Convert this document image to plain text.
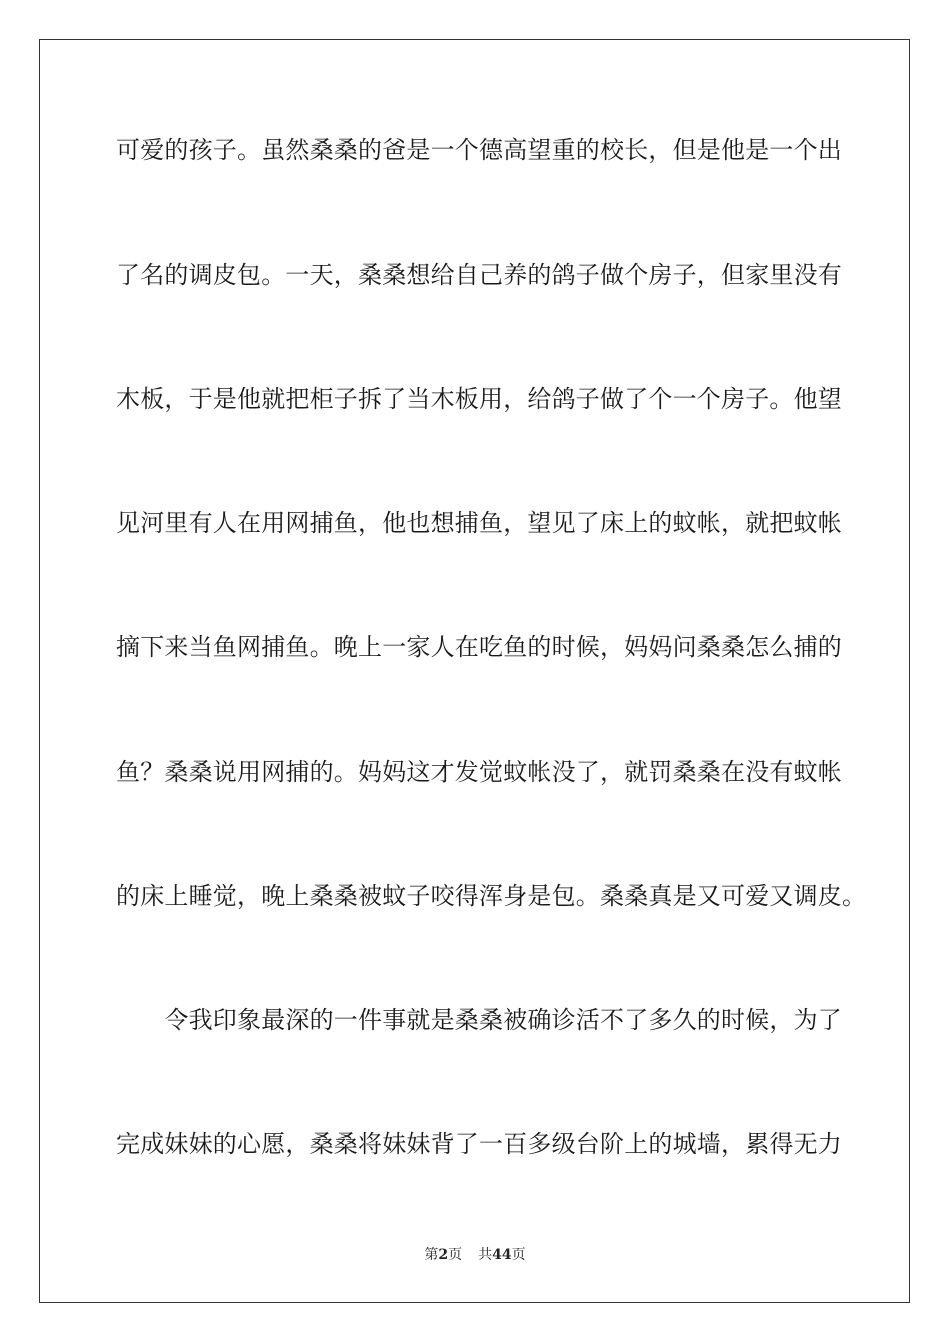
可爱的孩子。虽然桑桑的爸是一个德高望重的校长，但是他是一个出
了名的调皮包。一天，桑桑想给自己养的鸽子做个房子，但家里没有
木板，于是他就把柜子拆了当木板用，给鸽子做了个一个房子。他望
见河里有人在用网捕鱼，他也想捕鱼，望见了床上的蚊帐，就把蚊帐
摘下来当鱼网捕鱼。晚上一家人在吃鱼的时候，妈妈问桑桑怎么捕的
鱼？桑桑说用网捕的。妈妈这才发觉蚊帐没了，就罚桑桑在没有蚊帐
的床上睡觉，晚上桑桑被蚊子咬得浑身是包。桑桑真是又可爱又调皮。
　　令我印象最深的一件事就是桑桑被确诊活不了多久的时候，为了
完成妹妹的心愿，桑桑将妹妹背了一百多级台阶上的城墙，累得无力
第2页 共44页
